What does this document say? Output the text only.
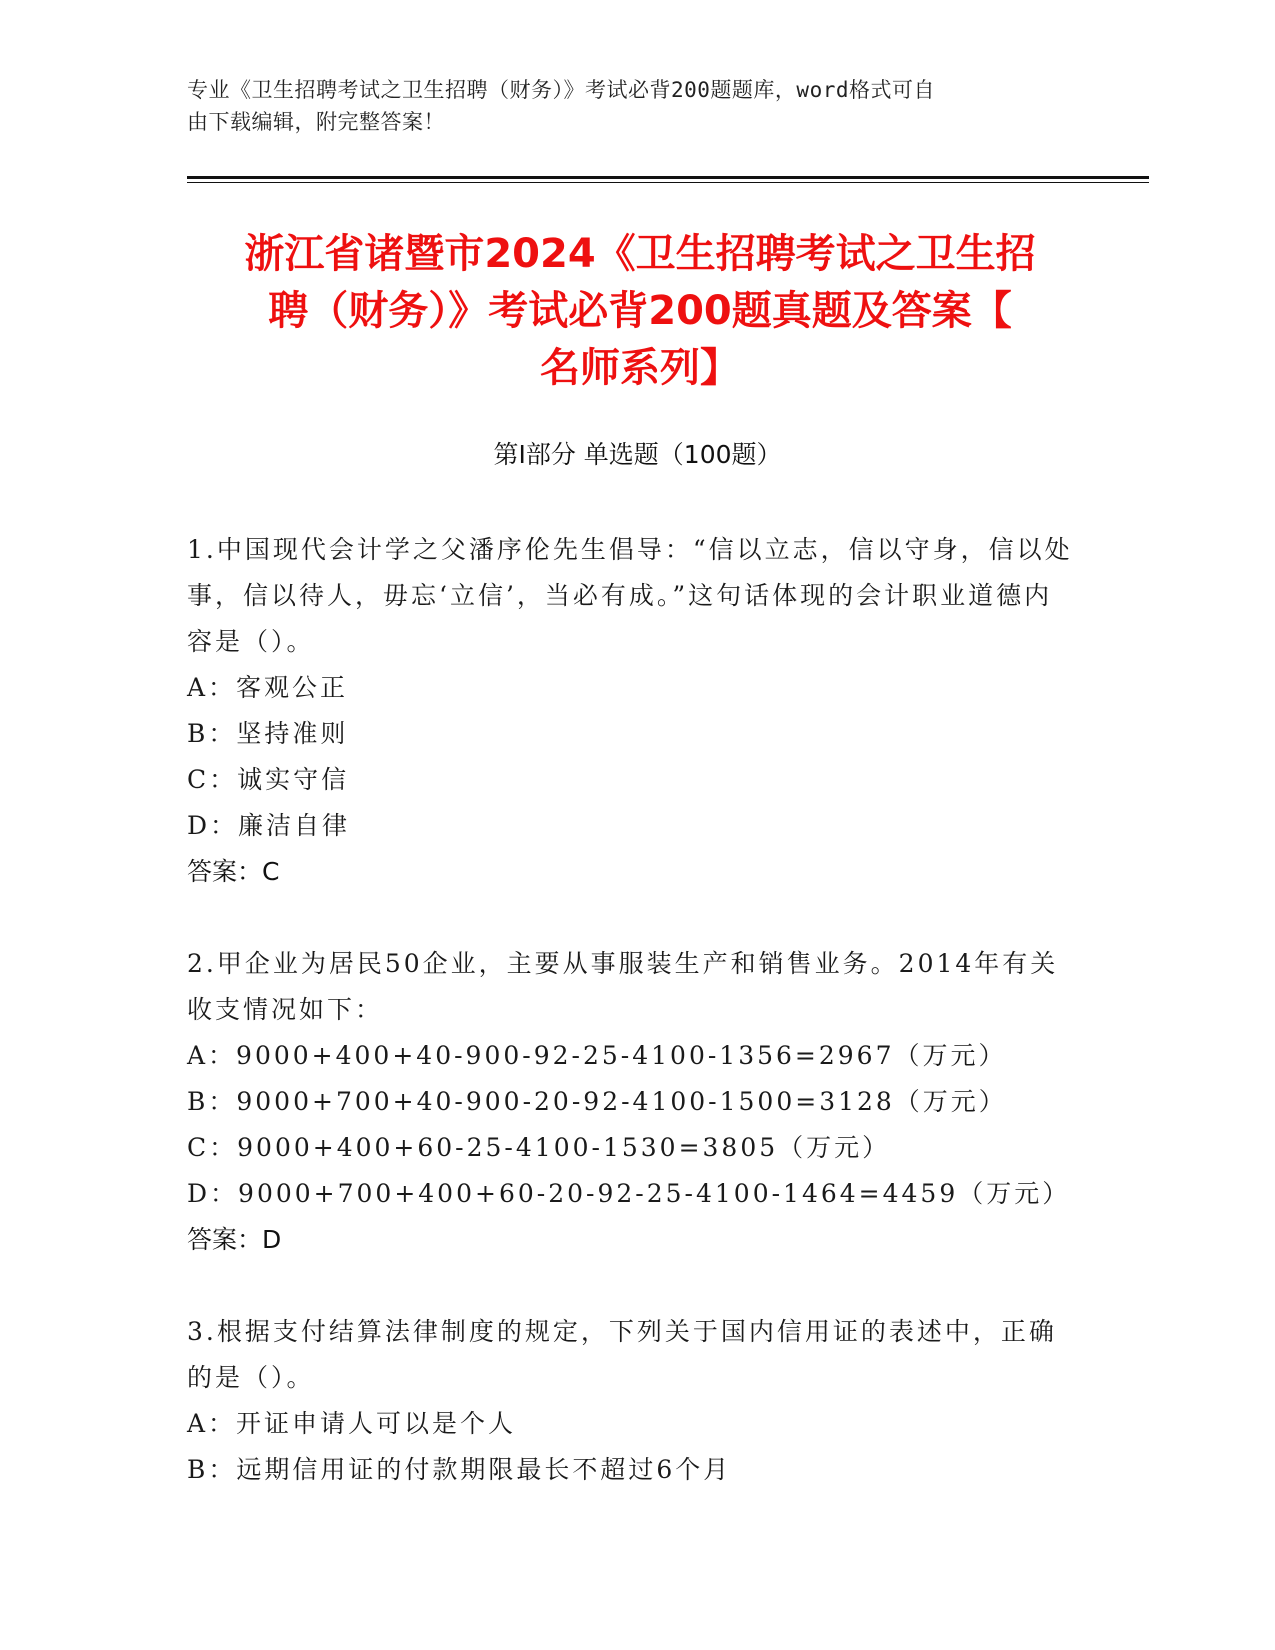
专业《卫生招聘考试之卫生招聘（财务）》考试必背200题题库，word格式可自
由下载编辑，附完整答案！
浙江省诸暨市2024《卫生招聘考试之卫生招
聘（财务）》考试必背200题真题及答案【
名师系列】
第Ⅰ部分 单选题（100题）
1.中国现代会计学之父潘序伦先生倡导：“信以立志，信以守身，信以处事，信以待人，毋忘‘立信’，当必有成。”这句话体现的会计职业道德内容是（）。
A：客观公正
B：坚持准则
C：诚实守信
D：廉洁自律
答案：C
2.甲企业为居民50企业，主要从事服装生产和销售业务。2014年有关收支情况如下：
A：9000+400+40-900-92-25-4100-1356=2967（万元）
B：9000+700+40-900-20-92-4100-1500=3128（万元）
C：9000+400+60-25-4100-1530=3805（万元）
D：9000+700+400+60-20-92-25-4100-1464=4459（万元）
答案：D
3.根据支付结算法律制度的规定，下列关于国内信用证的表述中，正确的是（）。
A：开证申请人可以是个人
B：远期信用证的付款期限最长不超过6个月
